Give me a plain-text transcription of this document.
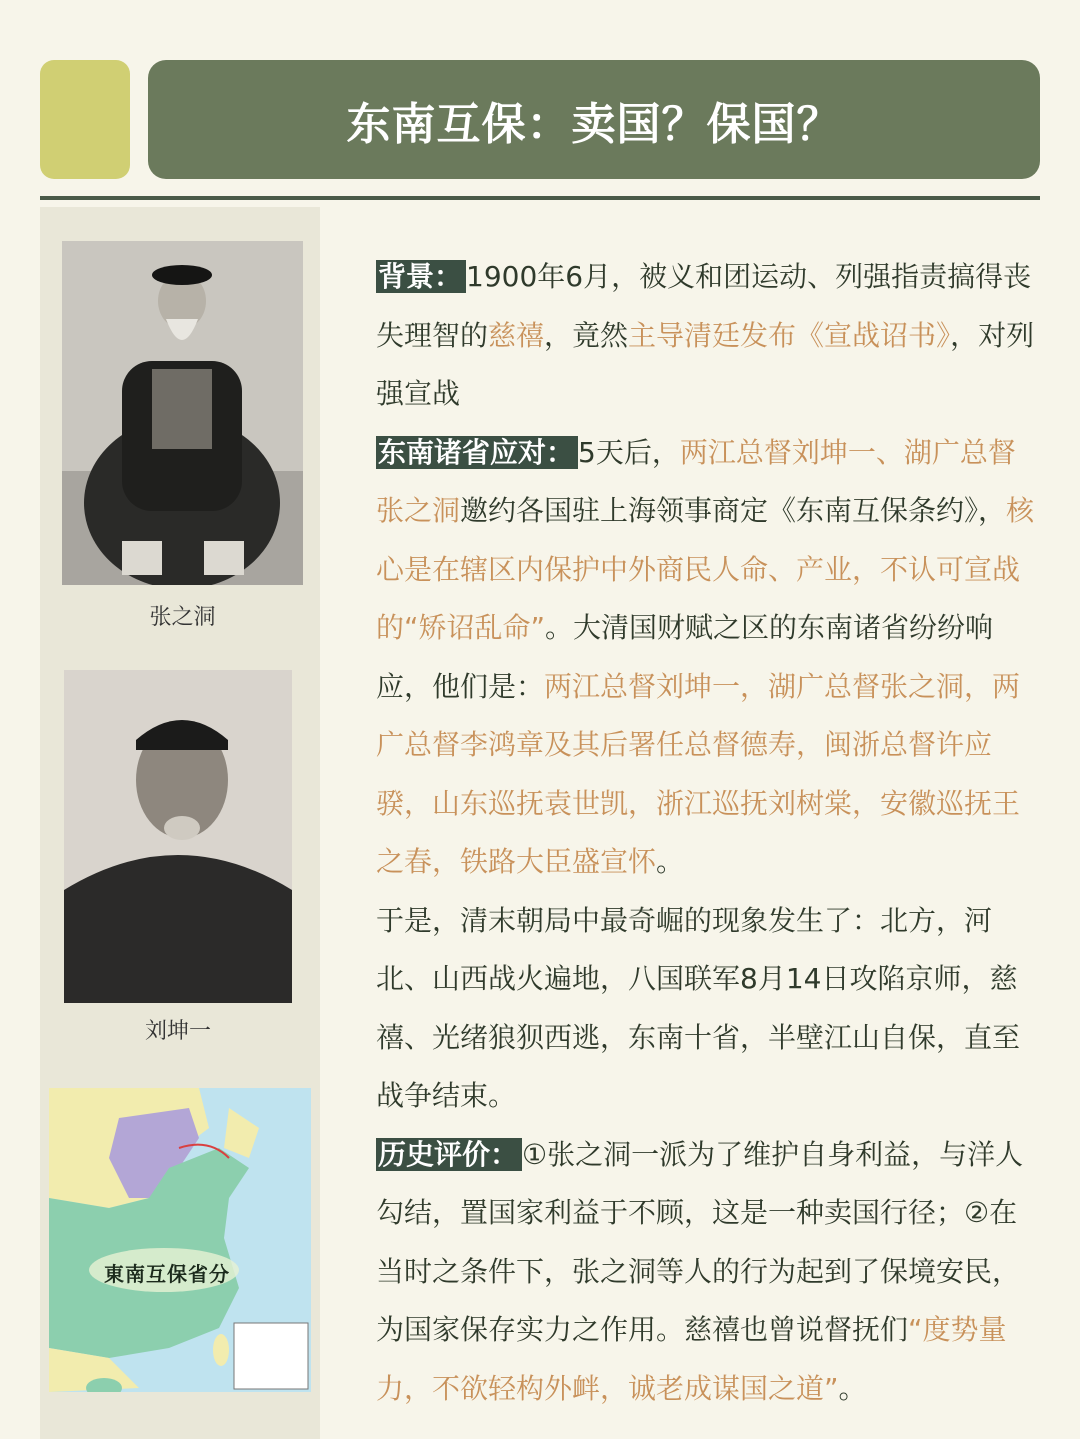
东南互保：卖国？保国？
张之洞
刘坤一
東南互保省分

背景： 1900年6月，被义和团运动、列强指责搞得丧失理智的慈禧，竟然主导清廷发布《宣战诏书》，对列强宣战

东南诸省应对： 5天后，两江总督刘坤一、湖广总督张之洞邀约各国驻上海领事商定《东南互保条约》，核心是在辖区内保护中外商民人命、产业，不认可宣战的“矫诏乱命”。大清国财赋之区的东南诸省纷纷响应，他们是：两江总督刘坤一，湖广总督张之洞，两广总督李鸿章及其后署任总督德寿，闽浙总督许应骙，山东巡抚袁世凯，浙江巡抚刘树棠，安徽巡抚王之春，铁路大臣盛宣怀。

于是，清末朝局中最奇崛的现象发生了：北方，河北、山西战火遍地，八国联军8月14日攻陷京师，慈禧、光绪狼狈西逃，东南十省，半壁江山自保，直至战争结束。

历史评价： ①张之洞一派为了维护自身利益，与洋人勾结，置国家利益于不顾，这是一种卖国行径；②在当时之条件下，张之洞等人的行为起到了保境安民，为国家保存实力之作用。慈禧也曾说督抚们“度势量力，不欲轻构外衅，诚老成谋国之道”。
